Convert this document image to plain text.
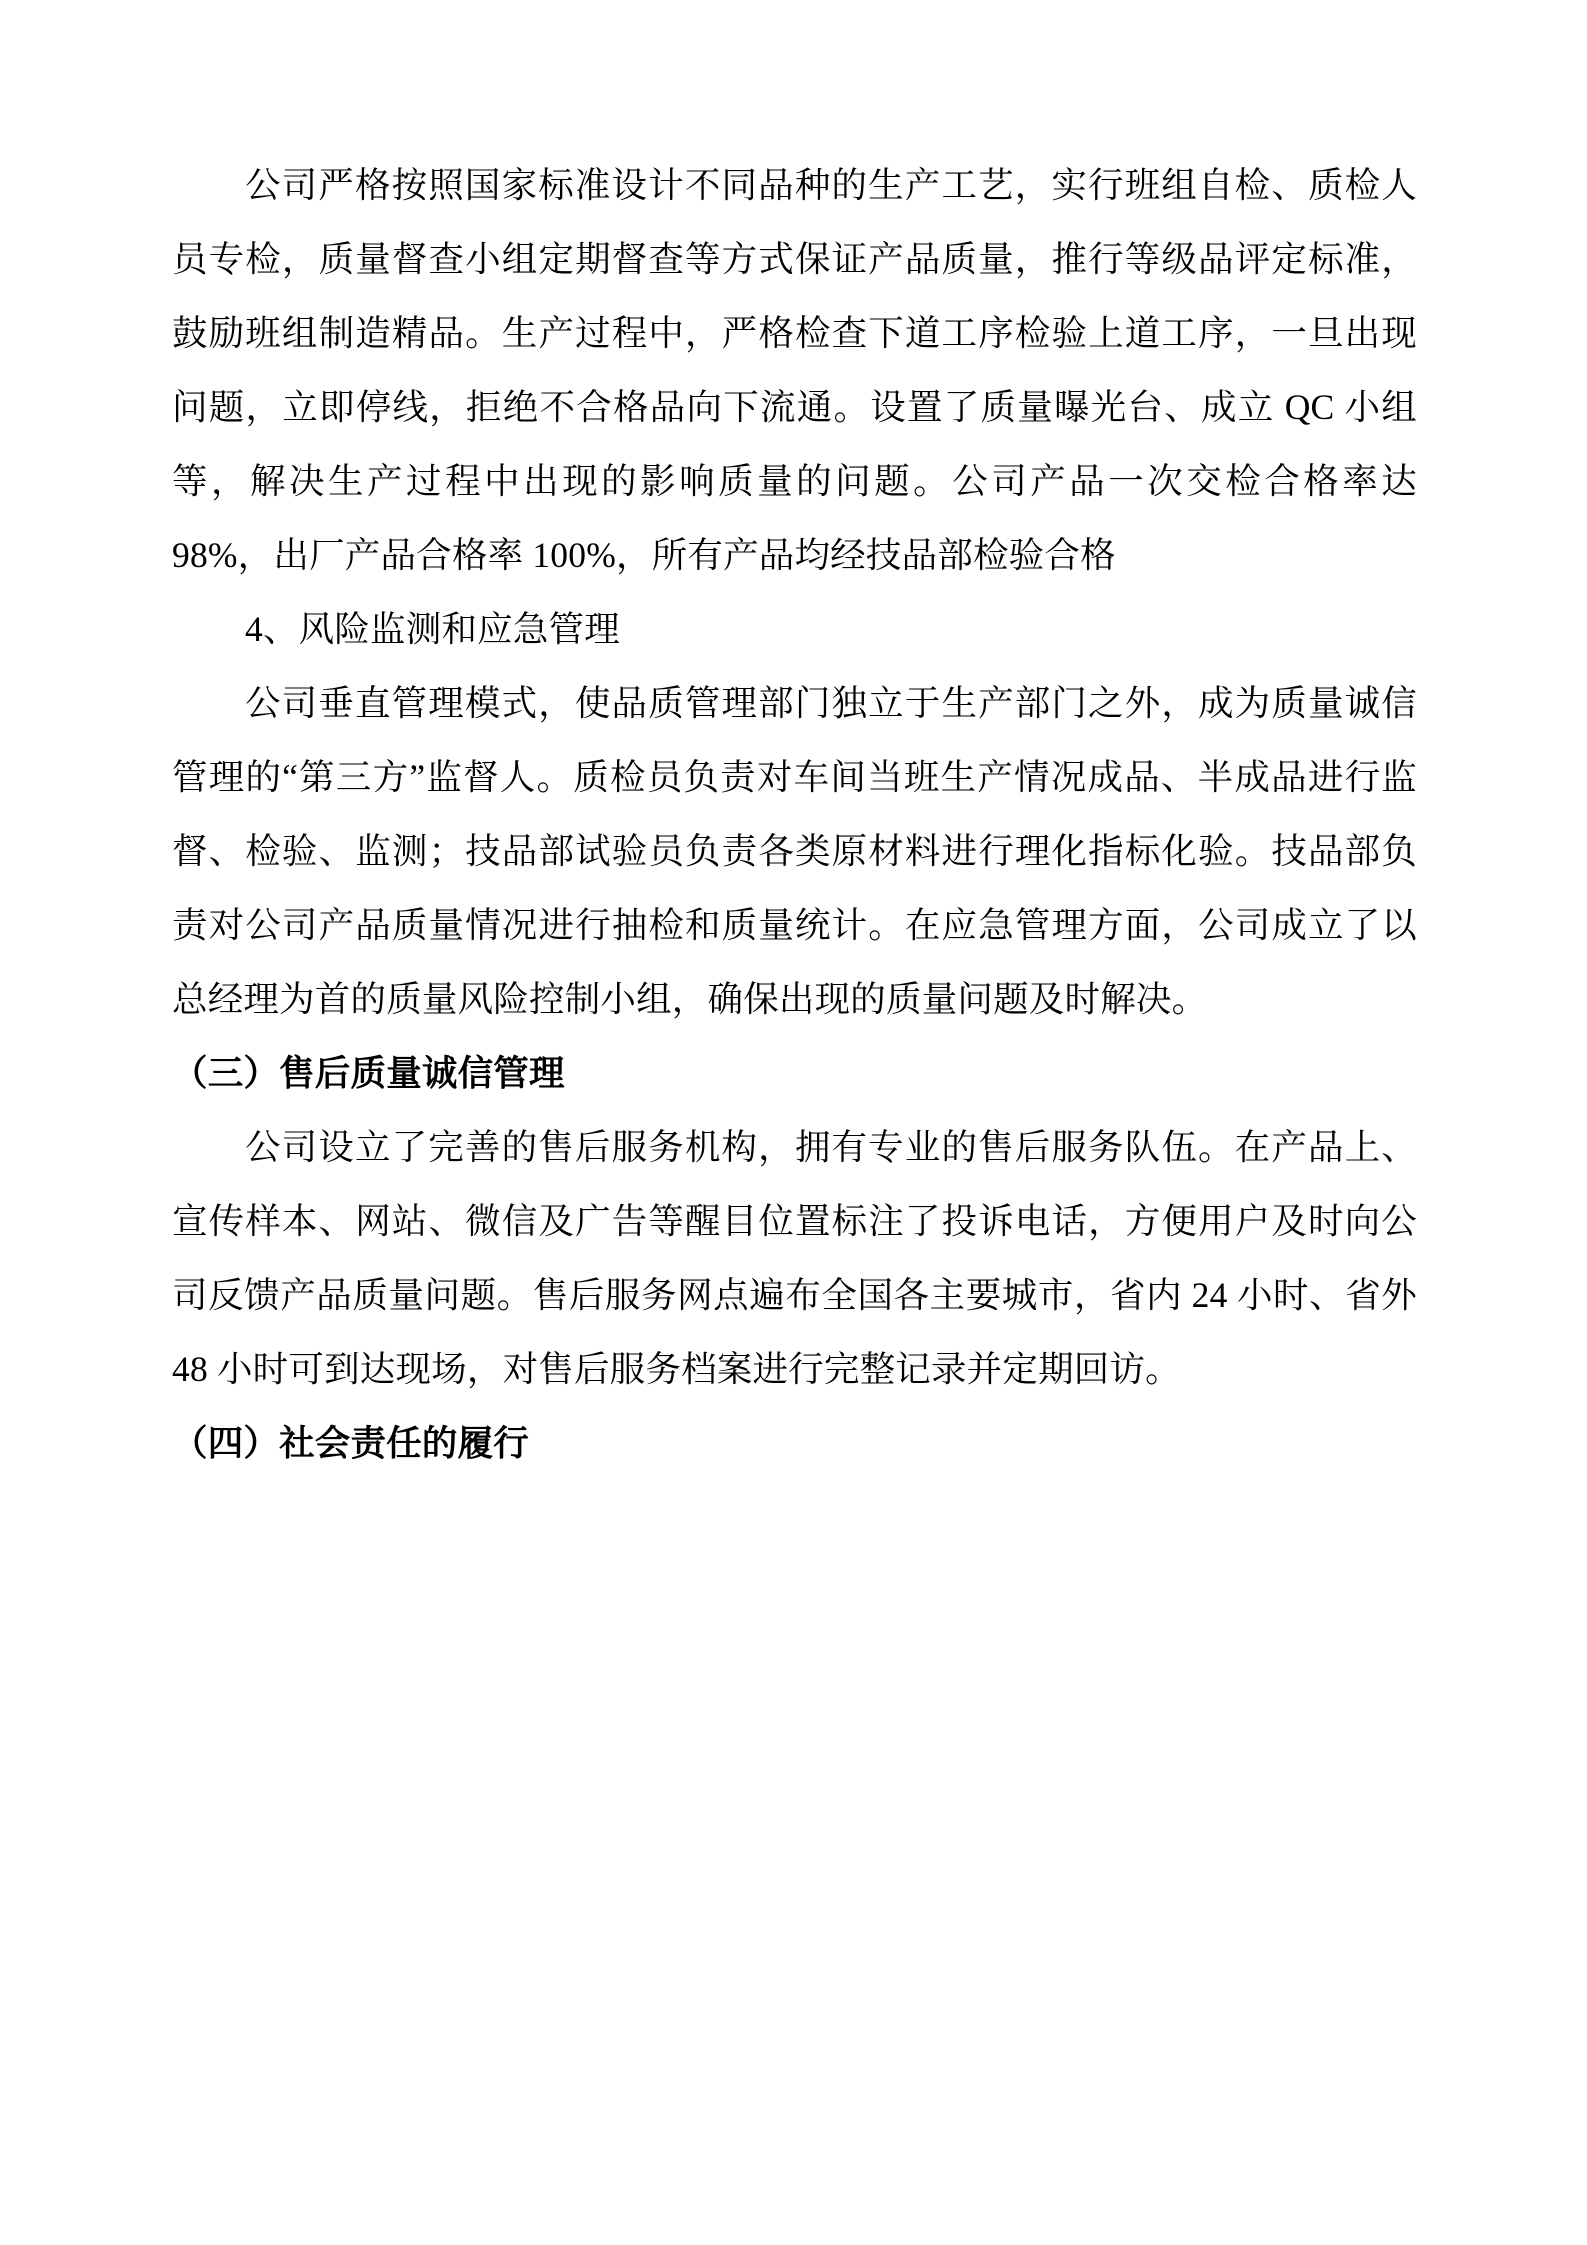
公司严格按照国家标准设计不同品种的生产工艺，实行班组自检、质检人员专检，质量督查小组定期督查等方式保证产品质量，推行等级品评定标准，鼓励班组制造精品。生产过程中，严格检查下道工序检验上道工序，一旦出现问题，立即停线，拒绝不合格品向下流通。设置了质量曝光台、成立 QC 小组等，解决生产过程中出现的影响质量的问题。公司产品一次交检合格率达 98%，出厂产品合格率 100%，所有产品均经技品部检验合格

4、风险监测和应急管理

公司垂直管理模式，使品质管理部门独立于生产部门之外，成为质量诚信管理的“第三方”监督人。质检员负责对车间当班生产情况成品、半成品进行监督、检验、监测；技品部试验员负责各类原材料进行理化指标化验。技品部负责对公司产品质量情况进行抽检和质量统计。在应急管理方面，公司成立了以总经理为首的质量风险控制小组，确保出现的质量问题及时解决。

（三）售后质量诚信管理

公司设立了完善的售后服务机构，拥有专业的售后服务队伍。在产品上、宣传样本、网站、微信及广告等醒目位置标注了投诉电话，方便用户及时向公司反馈产品质量问题。售后服务网点遍布全国各主要城市，省内 24 小时、省外 48 小时可到达现场，对售后服务档案进行完整记录并定期回访。

（四）社会责任的履行
